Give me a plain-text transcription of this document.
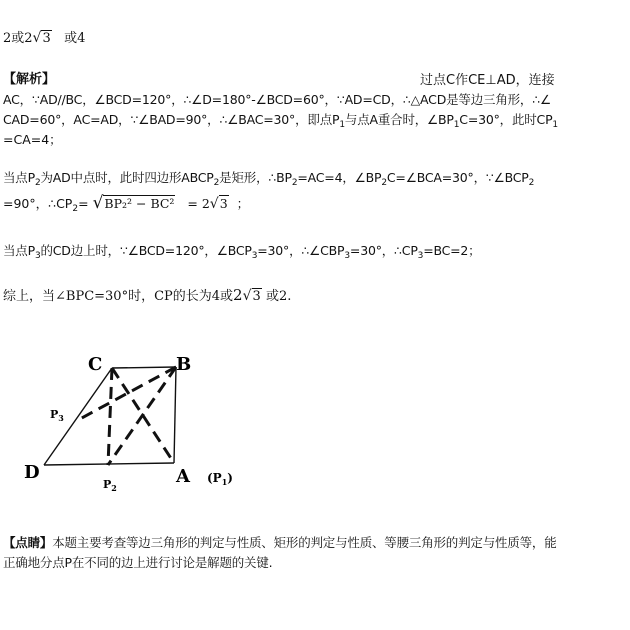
2或2√3 或4
【解析】	过点C作CE⊥AD，连接
AC，∵AD//BC，∠BCD=120°，∴∠D=180°-∠BCD=60°，∵AD=CD，∴△ACD是等边三角形，∴∠
CAD=60°，AC=AD，∵∠BAD=90°，∴∠BAC=30°，即点$P_1$与点A重合时，$\angle BP_1C=30^\circ$，此时$CP_1$
=CA=4；
当点$P_2$为AD中点时，此时四边形$ABCP_2$是矩形，$\therefore BP_2=AC=4$，$\angle BP_2C=\angle BCA=30^\circ$，$\because\angle BCP_2$
=90°，$\therefore CP_2= √BP_2^2 - BC^2 = 2√3$ ；
当点$P_3$的CD边上时，∵∠BCD=120°，$\angle BCP_3=30^\circ$，$\therefore\angle CBP_3=30^\circ$，$\therefore CP_3=BC=2$；
综上，当∠BPC=30°时，CP的长为4或2√3 或2.
C	B
D	A
$P_3$
$P_2$
$(P_1)$
【点睛】本题主要考查等边三角形的判定与性质、矩形的判定与性质、等腰三角形的判定与性质等，能
正确地分点P在不同的边上进行讨论是解题的关键.
